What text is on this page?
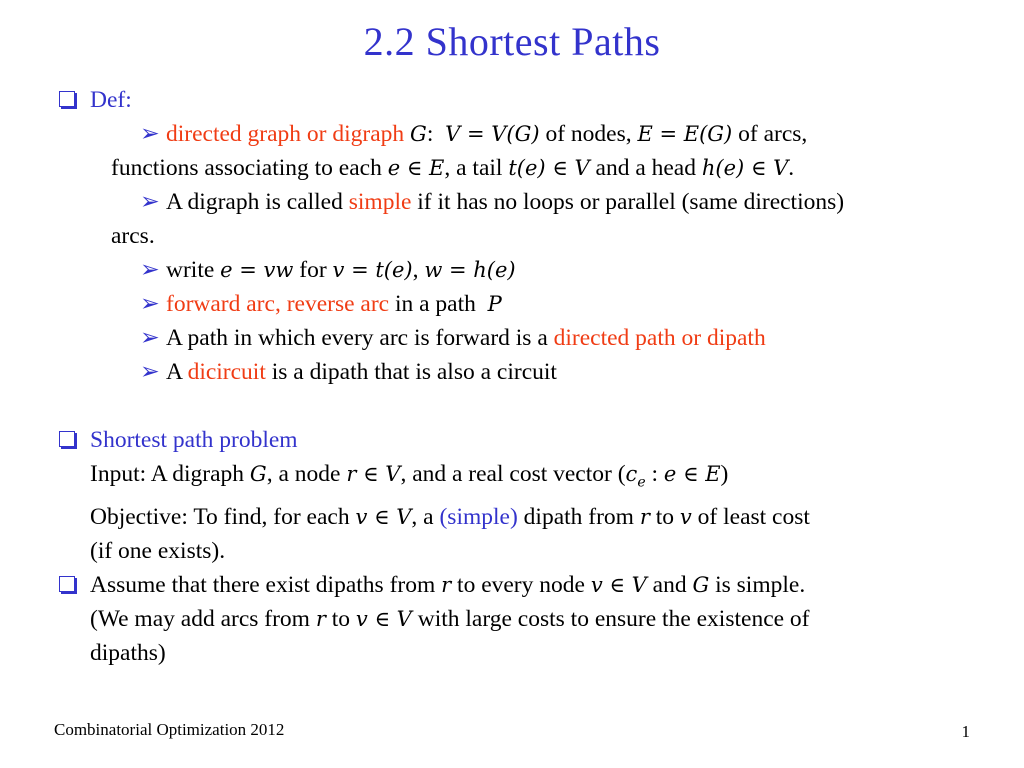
2.2 Shortest Paths
Def:
➢ directed graph or digraph G: V = V(G) of nodes, E = E(G) of arcs,
functions associating to each e ∈ E, a tail t(e) ∈ V and a head h(e) ∈ V.
➢ A digraph is called simple if it has no loops or parallel (same directions)
arcs.
➢ write e = vw for v = t(e), w = h(e)
➢ forward arc, reverse arc in a path  P
➢ A path in which every arc is forward is a directed path or dipath
➢ A dicircuit is a dipath that is also a circuit
Shortest path problem
Input: A digraph G, a node r ∈ V, and a real cost vector ($c_e$ : e ∈ E)
Objective: To find, for each v ∈ V, a (simple) dipath from r to v of least cost
(if one exists).
Assume that there exist dipaths from r to every node v ∈ V and G is simple.
(We may add arcs from r to v ∈ V with large costs to ensure the existence of
dipaths)
Combinatorial Optimization 2012	1
